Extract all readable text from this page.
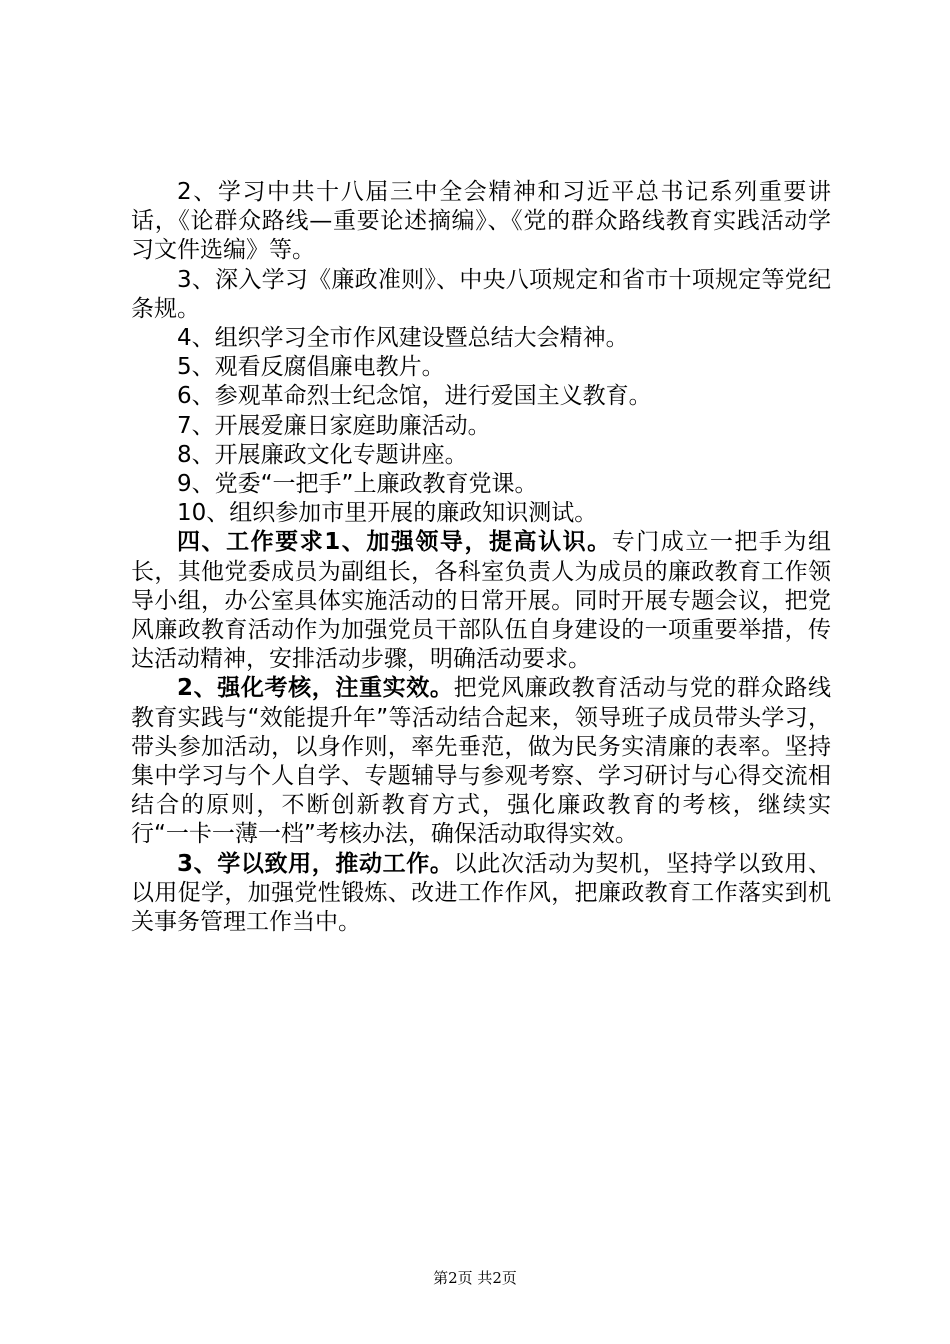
2、学习中共十八届三中全会精神和习近平总书记系列重要讲话，《论群众路线—重要论述摘编》、《党的群众路线教育实践活动学习文件选编》等。

3、深入学习《廉政准则》、中央八项规定和省市十项规定等党纪条规。

4、组织学习全市作风建设暨总结大会精神。

5、观看反腐倡廉电教片。

6、参观革命烈士纪念馆，进行爱国主义教育。

7、开展爱廉日家庭助廉活动。

8、开展廉政文化专题讲座。

9、党委“一把手”上廉政教育党课。

10、组织参加市里开展的廉政知识测试。

四、工作要求1、加强领导，提高认识。专门成立一把手为组长，其他党委成员为副组长，各科室负责人为成员的廉政教育工作领导小组，办公室具体实施活动的日常开展。同时开展专题会议，把党风廉政教育活动作为加强党员干部队伍自身建设的一项重要举措，传达活动精神，安排活动步骤，明确活动要求。

2、强化考核，注重实效。把党风廉政教育活动与党的群众路线教育实践与“效能提升年”等活动结合起来，领导班子成员带头学习，带头参加活动，以身作则，率先垂范，做为民务实清廉的表率。坚持集中学习与个人自学、专题辅导与参观考察、学习研讨与心得交流相结合的原则，不断创新教育方式，强化廉政教育的考核，继续实行“一卡一薄一档”考核办法，确保活动取得实效。

3、学以致用，推动工作。以此次活动为契机，坚持学以致用、以用促学，加强党性锻炼、改进工作作风，把廉政教育工作落实到机关事务管理工作当中。

第2页 共2页
